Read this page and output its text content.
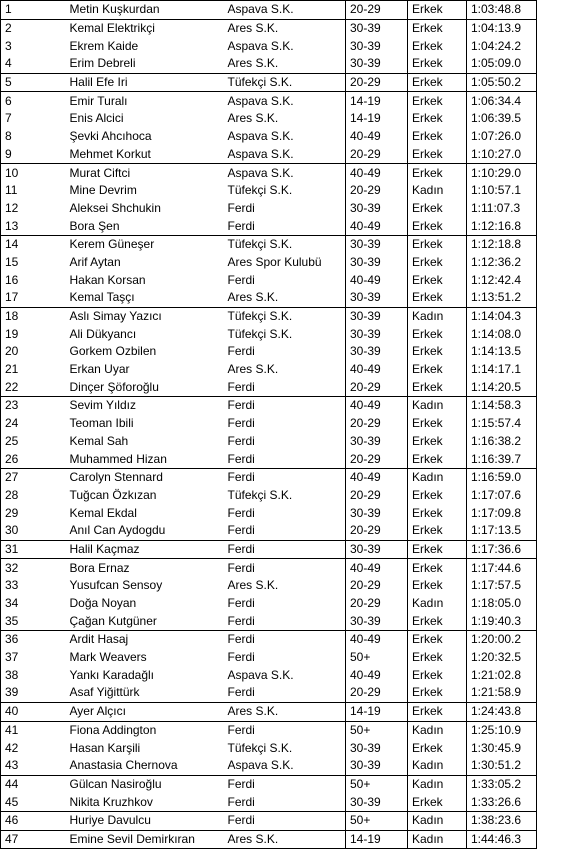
1	Metin Kuşkurdan	Aspava S.K.	20-29	Erkek	1:03:48.8
2	Kemal Elektrikçi	Ares S.K.	30-39	Erkek	1:04:13.9
3	Ekrem Kaide	Aspava S.K.	30-39	Erkek	1:04:24.2
4	Erim Debreli	Ares S.K.	30-39	Erkek	1:05:09.0
5	Halil Efe Iri	Tüfekçi S.K.	20-29	Erkek	1:05:50.2
6	Emir Turalı	Aspava S.K.	14-19	Erkek	1:06:34.4
7	Enis Alcici	Ares S.K.	14-19	Erkek	1:06:39.5
8	Şevki Ahcıhoca	Aspava S.K.	40-49	Erkek	1:07:26.0
9	Mehmet Korkut	Aspava S.K.	20-29	Erkek	1:10:27.0
10	Murat Ciftci	Aspava S.K.	40-49	Erkek	1:10:29.0
11	Mine Devrim	Tüfekçi S.K.	20-29	Kadın	1:10:57.1
12	Aleksei Shchukin	Ferdi	30-39	Erkek	1:11:07.3
13	Bora Şen	Ferdi	40-49	Erkek	1:12:16.8
14	Kerem Güneşer	Tüfekçi S.K.	30-39	Erkek	1:12:18.8
15	Arif Aytan	Ares Spor Kulubü	30-39	Erkek	1:12:36.2
16	Hakan Korsan	Ferdi	40-49	Erkek	1:12:42.4
17	Kemal Taşçı	Ares S.K.	30-39	Erkek	1:13:51.2
18	Aslı Simay Yazıcı	Tüfekçi S.K.	30-39	Kadın	1:14:04.3
19	Ali Dükyancı	Tüfekçi S.K.	30-39	Erkek	1:14:08.0
20	Gorkem Ozbilen	Ferdi	30-39	Erkek	1:14:13.5
21	Erkan Uyar	Ares S.K.	40-49	Erkek	1:14:17.1
22	Dinçer Şöforoğlu	Ferdi	20-29	Erkek	1:14:20.5
23	Sevim Yıldız	Ferdi	40-49	Kadın	1:14:58.3
24	Teoman Ibili	Ferdi	20-29	Erkek	1:15:57.4
25	Kemal Sah	Ferdi	30-39	Erkek	1:16:38.2
26	Muhammed Hizan	Ferdi	20-29	Erkek	1:16:39.7
27	Carolyn Stennard	Ferdi	40-49	Kadın	1:16:59.0
28	Tuğcan Özkızan	Tüfekçi S.K.	20-29	Erkek	1:17:07.6
29	Kemal Ekdal	Ferdi	30-39	Erkek	1:17:09.8
30	Anıl Can Aydogdu	Ferdi	20-29	Erkek	1:17:13.5
31	Halil Kaçmaz	Ferdi	30-39	Erkek	1:17:36.6
32	Bora Ernaz	Ferdi	40-49	Erkek	1:17:44.6
33	Yusufcan Sensoy	Ares S.K.	20-29	Erkek	1:17:57.5
34	Doğa Noyan	Ferdi	20-29	Kadın	1:18:05.0
35	Çağan Kutgüner	Ferdi	30-39	Erkek	1:19:40.3
36	Ardit Hasaj	Ferdi	40-49	Erkek	1:20:00.2
37	Mark Weavers	Ferdi	50+	Erkek	1:20:32.5
38	Yankı Karadağlı	Aspava S.K.	40-49	Erkek	1:21:02.8
39	Asaf Yiğittürk	Ferdi	20-29	Erkek	1:21:58.9
40	Ayer Alçıcı	Ares S.K.	14-19	Erkek	1:24:43.8
41	Fiona Addington	Ferdi	50+	Kadın	1:25:10.9
42	Hasan Karşili	Tüfekçi S.K.	30-39	Erkek	1:30:45.9
43	Anastasia Chernova	Aspava S.K.	30-39	Kadın	1:30:51.2
44	Gülcan Nasiroğlu	Ferdi	50+	Kadın	1:33:05.2
45	Nikita Kruzhkov	Ferdi	30-39	Erkek	1:33:26.6
46	Huriye Davulcu	Ferdi	50+	Kadın	1:38:23.6
47	Emine Sevil Demirkıran	Ares S.K.	14-19	Kadın	1:44:46.3
